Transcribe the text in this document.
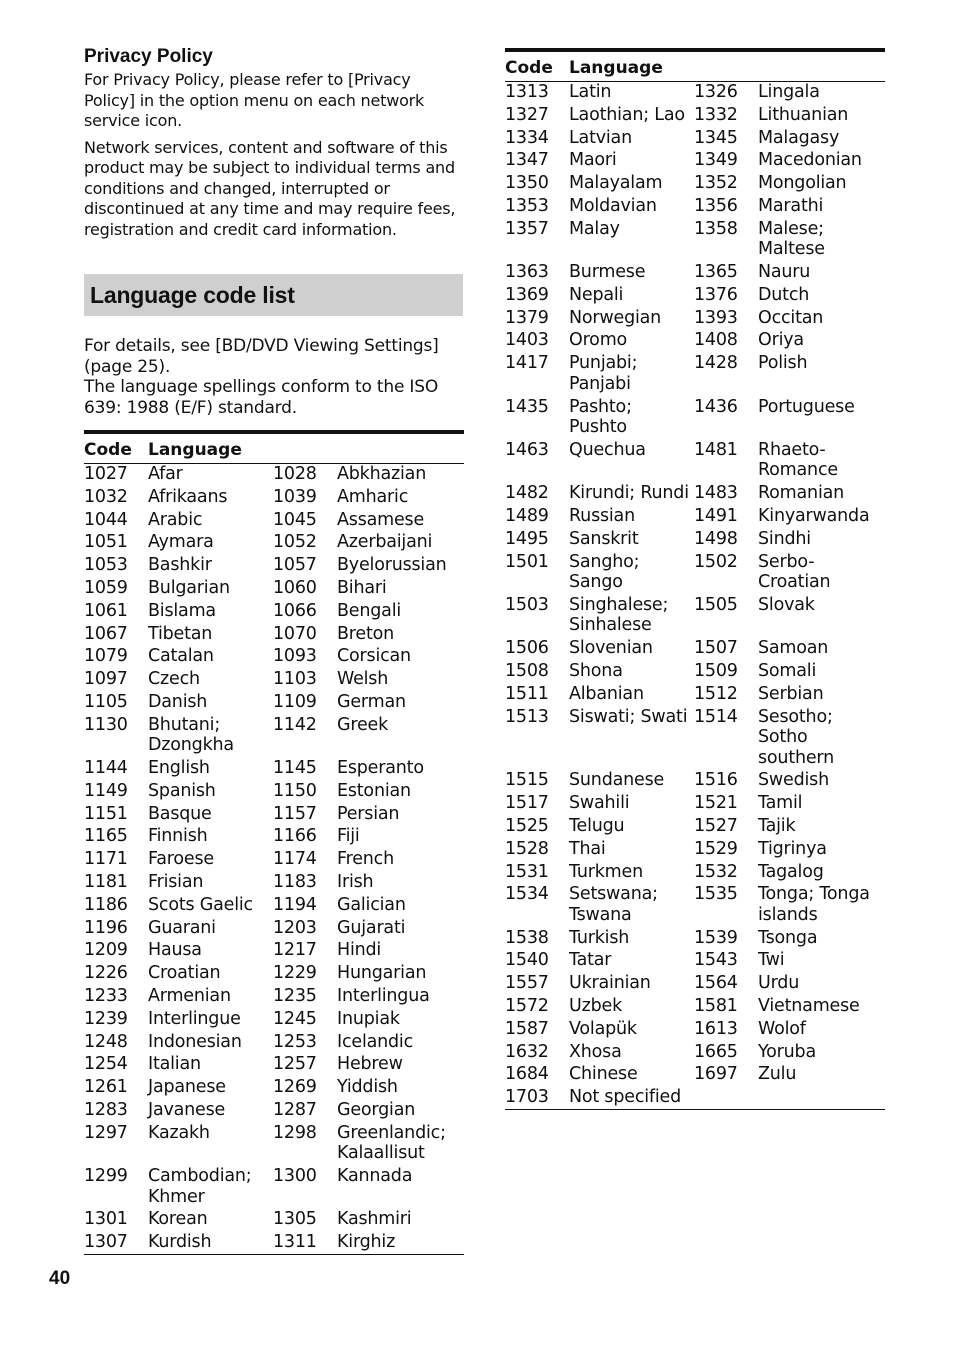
Privacy Policy

For Privacy Policy, please refer to [Privacy Policy] in the option menu on each network service icon.

Network services, content and software of this product may be subject to individual terms and conditions and changed, interrupted or discontinued at any time and may require fees, registration and credit card information.

Language code list

For details, see [BD/DVD Viewing Settings] (page 25).

The language spellings conform to the ISO 639: 1988 (E/F) standard.

Code	Language		
1027	Afar	1028	Abkhazian
1032	Afrikaans	1039	Amharic
1044	Arabic	1045	Assamese
1051	Aymara	1052	Azerbaijani
1053	Bashkir	1057	Byelorussian
1059	Bulgarian	1060	Bihari
1061	Bislama	1066	Bengali
1067	Tibetan	1070	Breton
1079	Catalan	1093	Corsican
1097	Czech	1103	Welsh
1105	Danish	1109	German
1130	Bhutani; Dzongkha	1142	Greek
1144	English	1145	Esperanto
1149	Spanish	1150	Estonian
1151	Basque	1157	Persian
1165	Finnish	1166	Fiji
1171	Faroese	1174	French
1181	Frisian	1183	Irish
1186	Scots Gaelic	1194	Galician
1196	Guarani	1203	Gujarati
1209	Hausa	1217	Hindi
1226	Croatian	1229	Hungarian
1233	Armenian	1235	Interlingua
1239	Interlingue	1245	Inupiak
1248	Indonesian	1253	Icelandic
1254	Italian	1257	Hebrew
1261	Japanese	1269	Yiddish
1283	Javanese	1287	Georgian
1297	Kazakh	1298	Greenlandic; Kalaallisut
1299	Cambodian; Khmer	1300	Kannada
1301	Korean	1305	Kashmiri
1307	Kurdish	1311	Kirghiz
Code	Language		
1313	Latin	1326	Lingala
1327	Laothian; Lao	1332	Lithuanian
1334	Latvian	1345	Malagasy
1347	Maori	1349	Macedonian
1350	Malayalam	1352	Mongolian
1353	Moldavian	1356	Marathi
1357	Malay	1358	Malese; Maltese
1363	Burmese	1365	Nauru
1369	Nepali	1376	Dutch
1379	Norwegian	1393	Occitan
1403	Oromo	1408	Oriya
1417	Punjabi; Panjabi	1428	Polish
1435	Pashto; Pushto	1436	Portuguese
1463	Quechua	1481	Rhaeto-Romance
1482	Kirundi; Rundi	1483	Romanian
1489	Russian	1491	Kinyarwanda
1495	Sanskrit	1498	Sindhi
1501	Sangho; Sango	1502	Serbo-Croatian
1503	Singhalese; Sinhalese	1505	Slovak
1506	Slovenian	1507	Samoan
1508	Shona	1509	Somali
1511	Albanian	1512	Serbian
1513	Siswati; Swati	1514	Sesotho; Sotho southern
1515	Sundanese	1516	Swedish
1517	Swahili	1521	Tamil
1525	Telugu	1527	Tajik
1528	Thai	1529	Tigrinya
1531	Turkmen	1532	Tagalog
1534	Setswana; Tswana	1535	Tonga; Tonga islands
1538	Turkish	1539	Tsonga
1540	Tatar	1543	Twi
1557	Ukrainian	1564	Urdu
1572	Uzbek	1581	Vietnamese
1587	Volapük	1613	Wolof
1632	Xhosa	1665	Yoruba
1684	Chinese	1697	Zulu
1703	Not specified		
40
